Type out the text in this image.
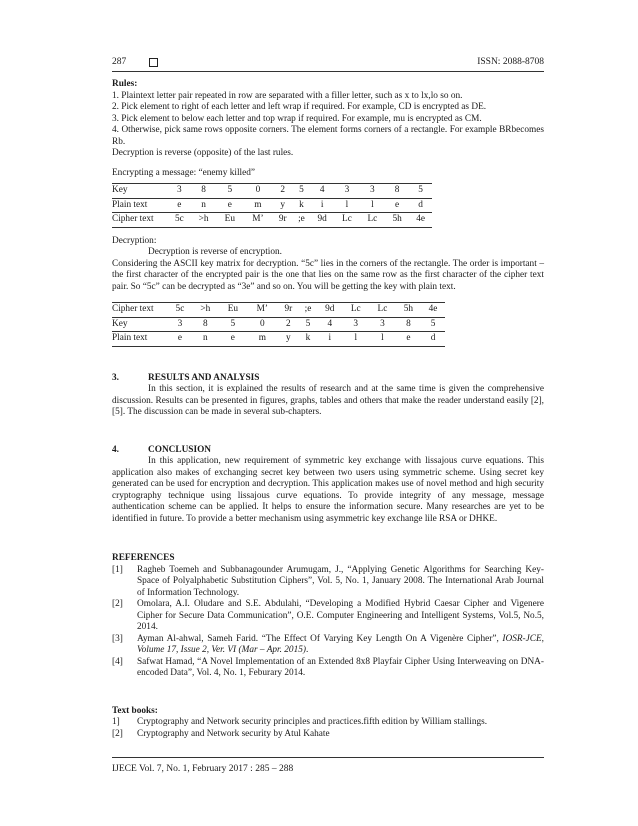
287	ISSN: 2088-8708

Rules:

1. Plaintext letter pair repeated in row are separated with a filler letter, such as x to lx,lo so on.

2. Pick element to right of each letter and left wrap if required. For example, CD is encrypted as DE.

3. Pick element to below each letter and top wrap if required. For example, mu is encrypted as CM.

4. Otherwise, pick same rows opposite corners. The element forms corners of a rectangle. For example BRbecomes Rb.

Decryption is reverse (opposite) of the last rules.

Encrypting a message: “enemy killed”

Key	3	8	5	0	2	5	4	3	3	8	5
Plain text	e	n	e	m	y	k	i	l	l	e	d
Cipher text	5c	>h	Eu	M’	9r	;e	9d	Lc	Lc	5h	4e

Decryption:

Decryption is reverse of encryption.

Considering the ASCII key matrix for decryption. “5c” lies in the corners of the rectangle. The order is important – the first character of the encrypted pair is the one that lies on the same row as the first character of the cipher text pair. So “5c” can be decrypted as “3e” and so on. You will be getting the key with plain text.

Cipher text	5c	>h	Eu	M’	9r	;e	9d	Lc	Lc	5h	4e
Key	3	8	5	0	2	5	4	3	3	8	5
Plain text	e	n	e	m	y	k	i	l	l	e	d

3.	RESULTS AND ANALYSIS

In this section, it is explained the results of research and at the same time is given the comprehensive discussion. Results can be presented in figures, graphs, tables and others that make the reader understand easily [2], [5]. The discussion can be made in several sub-chapters.

4.	CONCLUSION

In this application, new requirement of symmetric key exchange with lissajous curve equations. This application also makes of exchanging secret key between two users using symmetric scheme. Using secret key generated can be used for encryption and decryption. This application makes use of novel method and high security cryptography technique using lissajous curve equations. To provide integrity of any message, message authentication scheme can be applied. It helps to ensure the information secure. Many researches are yet to be identified in future. To provide a better mechanism using asymmetric key exchange lile RSA or DHKE.

REFERENCES

[1] Ragheb Toemeh and Subbanagounder Arumugam, J., “Applying Genetic Algorithms for Searching Key-Space of Polyalphabetic Substitution Ciphers”, Vol. 5, No. 1, January 2008. The International Arab Journal of Information Technology.
[2] Omolara, A.I. Oludare and S.E. Abdulahi, “Developing a Modified Hybrid Caesar Cipher and Vigenere Cipher for Secure Data Communication”, O.E. Computer Engineering and Intelligent Systems, Vol.5, No.5, 2014.
[3] Ayman Al-ahwal, Sameh Farid. “The Effect Of Varying Key Length On A Vigenère Cipher”, IOSR-JCE, Volume 17, Issue 2, Ver. VI (Mar – Apr. 2015).
[4] Safwat Hamad, “A Novel Implementation of an Extended 8x8 Playfair Cipher Using Interweaving on DNA-encoded Data”, Vol. 4, No. 1, Feburary 2014.

Text books:

1] Cryptography and Network security principles and practices.fifth edition by William stallings.
[2] Cryptography and Network security by Atul Kahate
IJECE Vol. 7, No. 1, February 2017 : 285 – 288
